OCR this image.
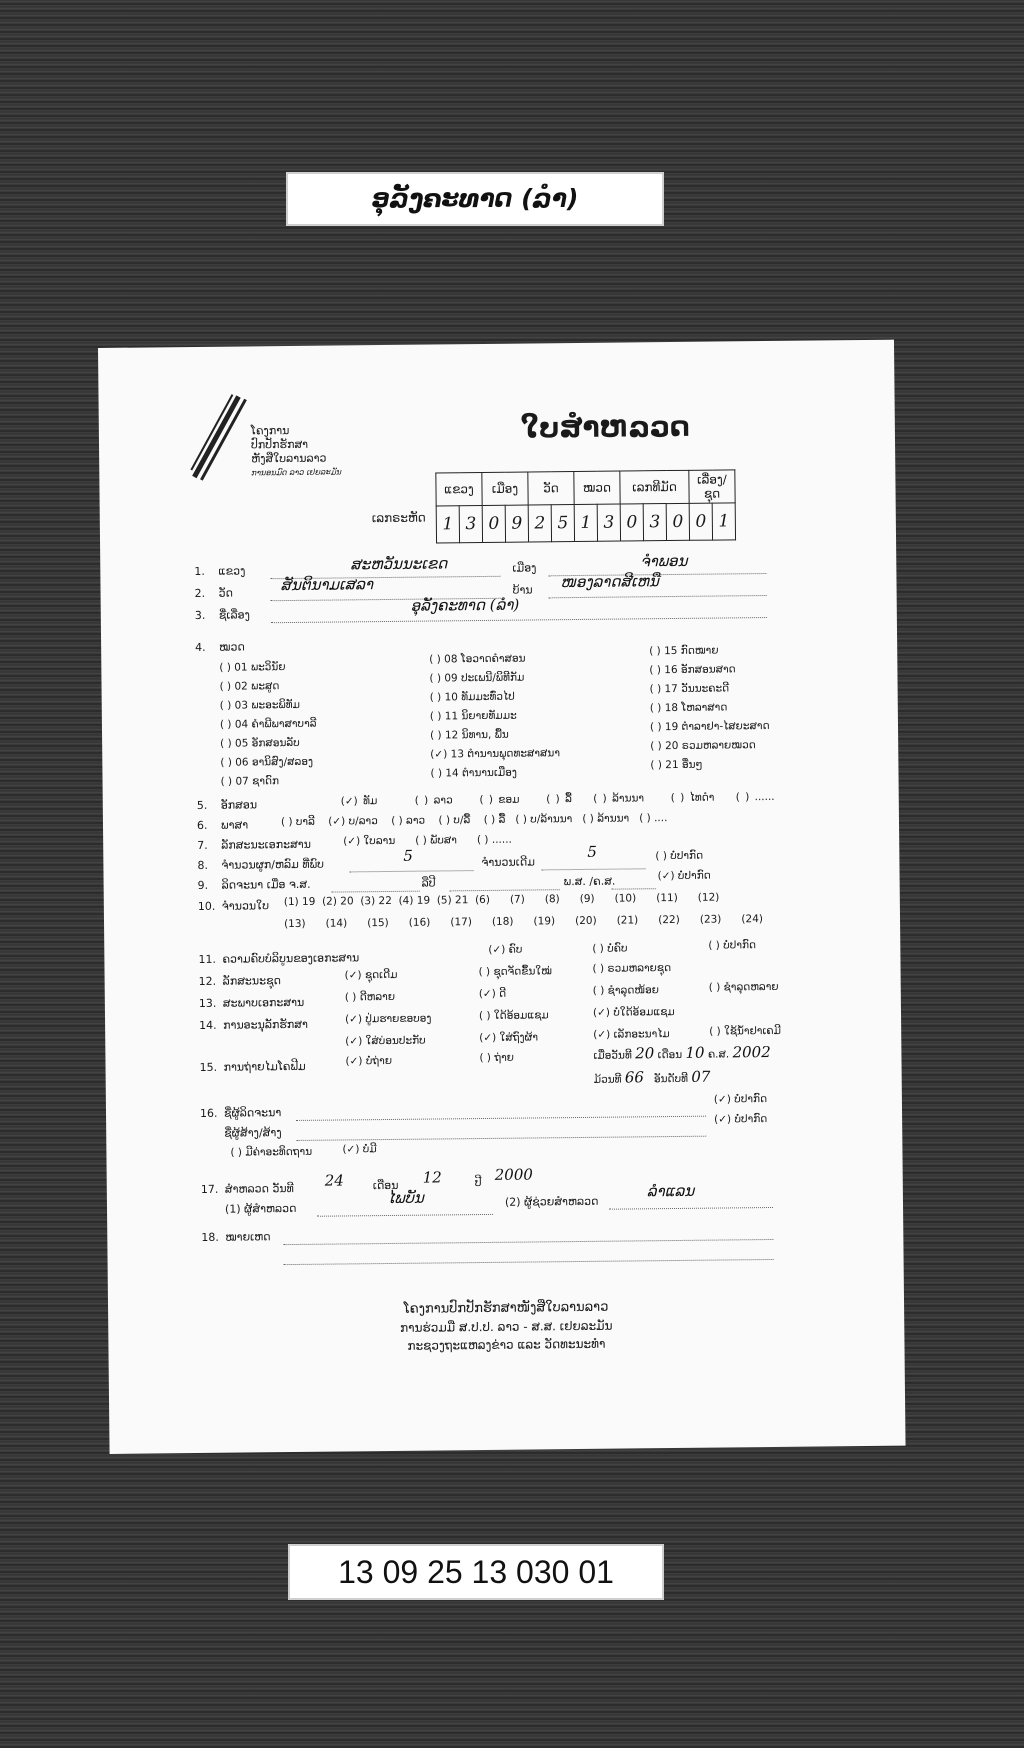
ອຸລັງຄະທາດ (ລຳ)
ໂຄງການ
ປົກປັກຮັກສາ
ຫັງສືໃບລານລາວ
ການອນມົດ ລາວ ເຢຍລະມັນ
ໃບສຳຫລວດ
ເລກຣະຫັດ
ແຂວງ		ເມືອງ		ວັດ		ໝວດ		ເລກທີມັດ			ເລື່ອງ/ຊຸດ	
1	3	0	9	2	5	1	3	0	3	0	0	1
1. ແຂວງ	ສະຫວັນນະເຂດ	ເມືອງ	ຈຳພອນ
2. ວັດ	ສັນຕິນາມເສລາ	ບ້ານ ໜອງລາດສີເຫນື
3. ຊື່ເລື່ອງ
ອຸລັງຄະທາດ (ລຳ)
4. ໝວດ
( ) 01 ພະວິນັຍ
( ) 02 ພະສູດ
( ) 03 ພະອະພິທັມ
( ) 04 ຄຳພີພາສາບາລີ
( ) 05 ອັກສອນລັບ
( ) 06 ອານິສົງ/ສລອງ
( ) 07 ຊາດົກ
( ) 08 ໂອວາດຄຳສອນ
( ) 09 ປະເພນີ/ພິທີກັມ
( ) 10 ທັມມະທົ່ວໄປ
( ) 11 ນິຍາຍທັມມະ
( ) 12 ນິທານ, ພື້ນ
(✓) 13 ຕຳນານພຸດທະສາສນາ
( ) 14 ຕຳນານເມືອງ
( ) 15 ກົດໝາຍ
( ) 16 ອັກສອນສາດ
( ) 17 ວັນນະຄະດີ
( ) 18 ໂຫລາສາດ
( ) 19 ຕຳລາຢາ-ໄສຍະສາດ
( ) 20 ຣວມຫລາຍໝວດ
( ) 21 ອື່ນໆ
5. ອັກສອນ	(✓) ທັມ	( ) ລາວ	( ) ຂອມ	( ) ລື້ ( ) ລ້ານນາ	( ) ໄທດຳ ( ) ......
6. ພາສາ	( ) ບາລີ (✓) ບ/ລາວ ( ) ລາວ ( ) ບ/ລື້ ( ) ລື້ ( ) ບ/ລ້ານນາ ( ) ລ້ານນາ ( ) ....
7. ລັກສະນະເອກະສານ	(✓) ໃບລານ ( ) ພັບສາ ( ) ......
8. ຈຳນວນຜູກ/ຫລົມ ທີ່ພົບ	5	ຈຳນວນເດີມ
5	( ) ບໍ່ປາກົດ
9. ລິດຈະນາ ເມື່ອ ຈ.ສ.	ລືປີ	ພ.ສ. /ຄ.ສ.	(✓) ບໍ່ປາກົດ
10. ຈຳນວນໃບ (1) 19  (2) 20  (3) 22  (4) 19  (5) 21  (6)      (7)      (8)      (9)      (10)      (11)      (12)
(13)      (14)      (15)      (16)      (17)      (18)      (19)      (20)      (21)      (22)      (23)      (24)
11. ຄວາມຄົບບໍລິບູນຂອງເອກະສານ
(✓) ຄົບ	( ) ບໍ່ຄົບ	( ) ບໍ່ປາກົດ
12. ລັກສະນະຊຸດ	(✓) ຊຸດເດີມ	( ) ຊຸດຈັດຂຶ້ນໃໝ່	( ) ຣວມຫລາຍຊຸດ
13. ສະພາບເອກະສານ	( ) ດີຫລາຍ	(✓) ດີ	( ) ຊຳລຸດໜ້ອຍ	( ) ຊຳລຸດຫລາຍ
14. ການອະນຸລັກຮັກສາ	(✓) ປູ່ມຮາຍຂອບອງ	( ) ໃດ້ອ້ອມແຊມ	(✓) ບໍ່ໃດ້ອ້ອມແຊມ
(✓) ໃສ່ບ່ອນປະກັບ	(✓) ໃສ່ຖົງຜ້າ	(✓) ເລັກອະນາໄມ	( ) ໃຊ້ນ້ຳຢາເຄມີ
15. ການຖ່າຍໄມໂຄຟີມ	(✓) ບໍ່ຖ່າຍ	( ) ຖ່າຍ	ເມື່ອວັນທີ 20 ເດືອນ 10 ຄ.ສ. 2002
ມ້ວນທີ 66 ອັນດັບທີ 07
16. ຊື່ຜູ້ລິດຈະນາ
(✓) ບໍ່ປາກົດ
ຊື່ຜູ້ສ້າງ/ສ້າງ
(✓) ບໍ່ປາກົດ
( ) ມີຄ່າອະທິດຖານ	(✓) ບໍ່ມີ
17. ສຳຫລວດ ວັນທີ 24	ເດືອນ 12	ປີ 2000
(1) ຜູ້ສຳຫລວດ
ໄພບັນ	(2) ຜູ້ຊ່ວຍສຳຫລວດ
ລຳແລນ
18. ໝາຍເຫດ
ໂຄງການປົກປັກຮັກສາໜັງສືໃບລານລາວ
ການຮ່ວມມື ສ.ປ.ປ. ລາວ - ສ.ສ. ເຢຍລະມັນ
ກະຊວງຖະແຫລງຂ່າວ ແລະ ວັດທະນະທຳ
13 09 25 13 030 01
